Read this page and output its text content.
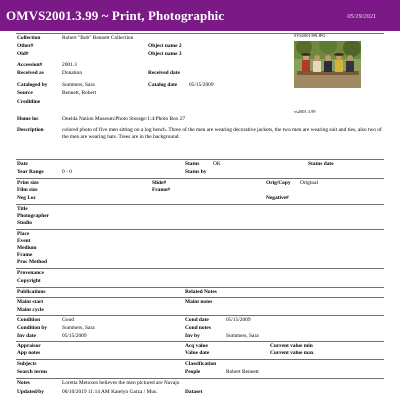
OMVS2001.3.99 ~ Print, Photographic	05/19/2021
0VS2001399.JPG
vs2001.3.99
Collection	Robert "Bob" Bennett Collection
Other#	Object name 2
Old#	Object name 3
Accession#	2001.3
Received as	Donation	Received date
Cataloged by	Summers, Sara	Catalog date 05/15/2009
Source	Bennett, Robert
Creditline
Home loc	Oneida Nation Museum:Photo Storage:1:4:Photo Box 27
Description	colored photo of five men sitting on a log bench. Three of the men are wearing decorative jackets, the two men are wearing suit and ties, also two of the men are wearing hats. Trees are in the background.
Date	Status	OK	Status date
Year Range	0 - 0	Status by
Print size	Slide#	Orig/Copy Original
Film size	Frame#
Neg Loc	Negative#
Title
Photographer
Studio
Place
Event
Medium
Frame
Proc Method
Provenance
Copyright
Publications	Related Notes
Maint start	Maint notes
Maint cycle
Condition	Good	Cond date	05/15/2009
Condition by	Summers, Sara	Cond notes
Inv date	05/15/2009	Inv by	Summers, Sara
Appraisor	Acq value	Current value min
App notes	Value date	Current value max
Subjects	Classification
Search terms	People	Robert Bennett
Notes	Loretta Metoxen believes the men pictured are Navajo
Updated/by	06/10/2019 11:14 AM Katelyn Garza / Mus.	Dataset
